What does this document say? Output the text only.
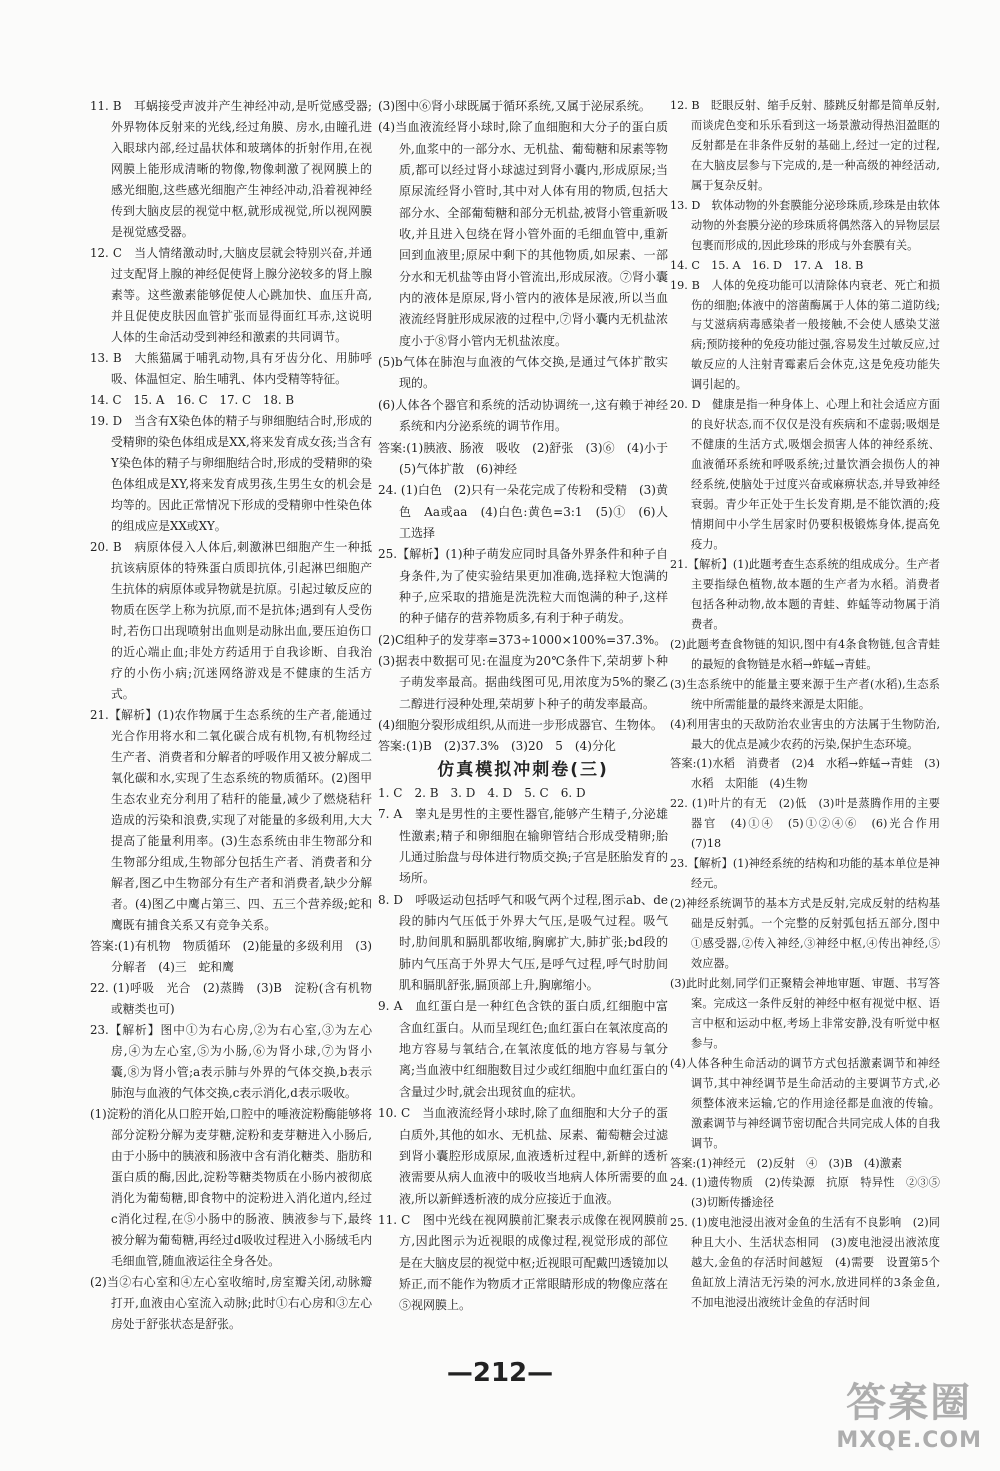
11. B　耳蜗接受声波并产生神经冲动,是听觉感受器;外界物体反射来的光线,经过角膜、房水,由瞳孔进入眼球内部,经过晶状体和玻璃体的折射作用,在视网膜上能形成清晰的物像,物像刺激了视网膜上的感光细胞,这些感光细胞产生神经冲动,沿着视神经传到大脑皮层的视觉中枢,就形成视觉,所以视网膜是视觉感受器。

12. C　当人情绪激动时,大脑皮层就会特别兴奋,并通过支配肾上腺的神经促使肾上腺分泌较多的肾上腺素等。这些激素能够促使人心跳加快、血压升高,并且促使皮肤因血管扩张而显得面红耳赤,这说明人体的生命活动受到神经和激素的共同调节。

13. B　大熊猫属于哺乳动物,具有牙齿分化、用肺呼吸、体温恒定、胎生哺乳、体内受精等特征。

14. C　15. A　16. C　17. C　18. B

19. D　当含有X染色体的精子与卵细胞结合时,形成的受精卵的染色体组成是XX,将来发育成女孩;当含有Y染色体的精子与卵细胞结合时,形成的受精卵的染色体组成是XY,将来发育成男孩,生男生女的机会是均等的。因此正常情况下形成的受精卵中性染色体的组成应是XX或XY。

20. B　病原体侵入人体后,刺激淋巴细胞产生一种抵抗该病原体的特殊蛋白质即抗体,引起淋巴细胞产生抗体的病原体或异物就是抗原。引起过敏反应的物质在医学上称为抗原,而不是抗体;遇到有人受伤时,若伤口出现喷射出血则是动脉出血,要压迫伤口的近心端止血;非处方药适用于自我诊断、自我治疗的小伤小病;沉迷网络游戏是不健康的生活方式。

21.【解析】(1)农作物属于生态系统的生产者,能通过光合作用将水和二氧化碳合成有机物,有机物经过生产者、消费者和分解者的呼吸作用又被分解成二氧化碳和水,实现了生态系统的物质循环。(2)图甲生态农业充分利用了秸秆的能量,减少了燃烧秸秆造成的污染和浪费,实现了对能量的多级利用,大大提高了能量利用率。(3)生态系统由非生物部分和生物部分组成,生物部分包括生产者、消费者和分解者,图乙中生物部分有生产者和消费者,缺少分解者。(4)图乙中鹰占第三、四、五三个营养级;蛇和鹰既有捕食关系又有竞争关系。

答案:(1)有机物　物质循环　(2)能量的多级利用　(3)分解者　(4)三　蛇和鹰

22. (1)呼吸　光合　(2)蒸腾　(3)B　淀粉(含有机物或糖类也可)

23.【解析】图中①为右心房,②为右心室,③为左心房,④为左心室,⑤为小肠,⑥为肾小球,⑦为肾小囊,⑧为肾小管;a表示肺与外界的气体交换,b表示肺泡与血液的气体交换,c表示消化,d表示吸收。

(1)淀粉的消化从口腔开始,口腔中的唾液淀粉酶能够将部分淀粉分解为麦芽糖,淀粉和麦芽糖进入小肠后,由于小肠中的胰液和肠液中含有消化糖类、脂肪和蛋白质的酶,因此,淀粉等糖类物质在小肠内被彻底消化为葡萄糖,即食物中的淀粉进入消化道内,经过c消化过程,在⑤小肠中的肠液、胰液参与下,最终被分解为葡萄糖,再经过d吸收过程进入小肠绒毛内毛细血管,随血液运往全身各处。

(2)当②右心室和④左心室收缩时,房室瓣关闭,动脉瓣打开,血液由心室流入动脉;此时①右心房和③左心房处于舒张状态是舒张。

(3)图中⑥肾小球既属于循环系统,又属于泌尿系统。

(4)当血液流经肾小球时,除了血细胞和大分子的蛋白质外,血浆中的一部分水、无机盐、葡萄糖和尿素等物质,都可以经过肾小球滤过到肾小囊内,形成原尿;当原尿流经肾小管时,其中对人体有用的物质,包括大部分水、全部葡萄糖和部分无机盐,被肾小管重新吸收,并且进入包绕在肾小管外面的毛细血管中,重新回到血液里;原尿中剩下的其他物质,如尿素、一部分水和无机盐等由肾小管流出,形成尿液。⑦肾小囊内的液体是原尿,肾小管内的液体是尿液,所以当血液流经肾脏形成尿液的过程中,⑦肾小囊内无机盐浓度小于⑧肾小管内无机盐浓度。

(5)b气体在肺泡与血液的气体交换,是通过气体扩散实现的。

(6)人体各个器官和系统的活动协调统一,这有赖于神经系统和内分泌系统的调节作用。

答案:(1)胰液、肠液　吸收　(2)舒张　(3)⑥　(4)小于　(5)气体扩散　(6)神经

24. (1)白色　(2)只有一朵花完成了传粉和受精　(3)黄色　Aa或aa　(4)白色:黄色=3:1　(5)①　(6)人工选择

25.【解析】(1)种子萌发应同时具备外界条件和种子自身条件,为了使实验结果更加准确,选择粒大饱满的种子,应采取的措施是洗洗粒大而饱满的种子,这样的种子储存的营养物质多,有利于种子萌发。

(2)C组种子的发芽率=373÷1000×100%=37.3%。

(3)据表中数据可见:在温度为20℃条件下,荣胡萝卜种子萌发率最高。据曲线图可见,用浓度为5%的聚乙二醇进行浸种处理,荣胡萝卜种子的萌发率最高。

(4)细胞分裂形成组织,从而进一步形成器官、生物体。

答案:(1)B　(2)37.3%　(3)20　5　(4)分化

仿真模拟冲刺卷(三)

1. C　2. B　3. D　4. D　5. C　6. D

7. A　睾丸是男性的主要性器官,能够产生精子,分泌雄性激素;精子和卵细胞在输卵管结合形成受精卵;胎儿通过胎盘与母体进行物质交换;子宫是胚胎发育的场所。

8. D　呼吸运动包括呼气和吸气两个过程,图示ab、de段的肺内气压低于外界大气压,是吸气过程。吸气时,肋间肌和膈肌都收缩,胸廓扩大,肺扩张;bd段的肺内气压高于外界大气压,是呼气过程,呼气时肋间肌和膈肌舒张,膈顶部上升,胸廓缩小。

9. A　血红蛋白是一种红色含铁的蛋白质,红细胞中富含血红蛋白。从而呈现红色;血红蛋白在氧浓度高的地方容易与氧结合,在氧浓度低的地方容易与氧分离;当血液中红细胞数目过少或红细胞中血红蛋白的含量过少时,就会出现贫血的症状。

10. C　当血液流经肾小球时,除了血细胞和大分子的蛋白质外,其他的如水、无机盐、尿素、葡萄糖会过滤到肾小囊腔形成原尿,血液透析过程中,新鲜的透析液需要从病人血液中的吸收当地病人体所需要的血液,所以新鲜透析液的成分应接近于血液。

11. C　图中光线在视网膜前汇聚表示成像在视网膜前方,因此图示为近视眼的成像过程,视觉形成的部位是在大脑皮层的视觉中枢;近视眼可配戴凹透镜加以矫正,而不能作为物质才正常眼睛形成的物像应落在⑤视网膜上。

12. B　眨眼反射、缩手反射、膝跳反射都是简单反射,而谈虎色变和乐乐看到这一场景激动得热泪盈眶的反射都是在非条件反射的基础上,经过一定的过程,在大脑皮层参与下完成的,是一种高级的神经活动,属于复杂反射。

13. D　软体动物的外套膜能分泌珍珠质,珍珠是由软体动物的外套膜分泌的珍珠质将偶然落入的异物层层包裹而形成的,因此珍珠的形成与外套膜有关。

14. C　15. A　16. D　17. A　18. B

19. B　人体的免疫功能可以清除体内衰老、死亡和损伤的细胞;体液中的溶菌酶属于人体的第二道防线;与艾滋病病毒感染者一般接触,不会使人感染艾滋病;预防接种的免疫功能过强,容易发生过敏反应,过敏反应的人注射青霉素后会休克,这是免疫功能失调引起的。

20. D　健康是指一种身体上、心理上和社会适应方面的良好状态,而不仅仅是没有疾病和不虚弱;吸烟是不健康的生活方式,吸烟会损害人体的神经系统、血液循环系统和呼吸系统;过量饮酒会损伤人的神经系统,使脑处于过度兴奋或麻痹状态,并导致神经衰弱。青少年正处于生长发育期,是不能饮酒的;疫情期间中小学生居家时仍要积极锻炼身体,提高免疫力。

21.【解析】(1)此题考查生态系统的组成成分。生产者主要指绿色植物,故本题的生产者为水稻。消费者包括各种动物,故本题的青蛙、蚱蜢等动物属于消费者。

(2)此题考查食物链的知识,图中有4条食物链,包含青蛙的最短的食物链是水稻→蚱蜢→青蛙。

(3)生态系统中的能量主要来源于生产者(水稻),生态系统中所需能量的最终来源是太阳能。

(4)利用害虫的天敌防治农业害虫的方法属于生物防治,最大的优点是减少农药的污染,保护生态环境。

答案:(1)水稻　消费者　(2)4　水稻→蚱蜢→青蛙　(3)水稻　太阳能　(4)生物

22. (1)叶片的有无　(2)低　(3)叶是蒸腾作用的主要器官　(4)①④　(5)①②④⑥　(6)光合作用　(7)18

23.【解析】(1)神经系统的结构和功能的基本单位是神经元。

(2)神经系统调节的基本方式是反射,完成反射的结构基础是反射弧。一个完整的反射弧包括五部分,图中①感受器,②传入神经,③神经中枢,④传出神经,⑤效应器。

(3)此时此刻,同学们正聚精会神地审题、审题、书写答案。完成这一条件反射的神经中枢有视觉中枢、语言中枢和运动中枢,考场上非常安静,没有听觉中枢参与。

(4)人体各种生命活动的调节方式包括激素调节和神经调节,其中神经调节是生命活动的主要调节方式,必须整体液来运输,它的作用途径都是血液的传输。激素调节与神经调节密切配合共同完成人体的自我调节。

答案:(1)神经元　(2)反射　④　(3)B　(4)激素

24. (1)遗传物质　(2)传染源　抗原　特异性　②③⑤　(3)切断传播途径

25. (1)废电池浸出液对金鱼的生活有不良影响　(2)同种且大小、生活状态相同　(3)废电池浸出液浓度越大,金鱼的存活时间越短　(4)需要　设置第5个鱼缸放上清洁无污染的河水,放进同样的3条金鱼,不加电池浸出液统计金鱼的存活时间

—212—
答案圈
MXQE.COM
